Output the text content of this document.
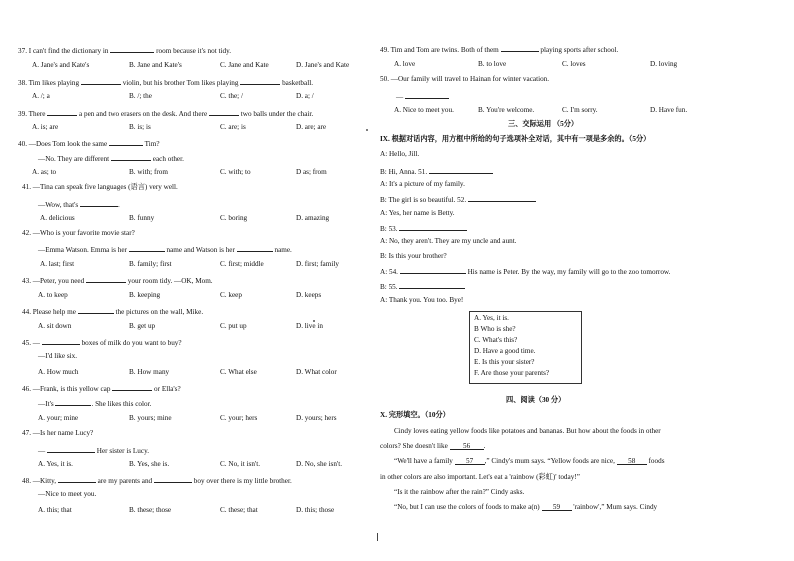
37. I can't find the dictionary in	room because it's not tidy.
A. Jane's and Kate's	B. Jane and Kate's	C. Jane and Kate	D. Jane's and Kate
38. Tim likes playing	violin, but his brother Tom likes playing	basketball.
A. /; a	B. /; the	C. the; /	D. a; /
39. There	a pen and two erasers on the desk. And there	two balls under the chair.
A. is; are	B. is; is	C. are; is	D. are; are
40. —Does Tom look the same	Tim?
—No. They are different	each other.
A. as; to	B. with; from	C. with; to	D as; from
41. —Tina can speak five languages (语言) very well.
—Wow, that's	.
A. delicious	B. funny	C. boring	D. amazing
42. —Who is your favorite movie star?
—Emma Watson. Emma is her	name and Watson is her	name.
A. last; first	B. family; first	C. first; middle	D. first; family
43. —Peter, you need	your room tidy. —OK, Mom.
A. to keep	B. keeping	C. keep	D. keeps
44. Please help me	the pictures on the wall, Mike.
A. sit down	B. get up	C. put up	D. live in
45. —	boxes of milk do you want to buy?
—I'd like six.
A. How much	B. How many	C. What else	D. What color
46. —Frank, is this yellow cap	or Ella's?
—It's	. She likes this color.
A. your; mine	B. yours; mine	C. your; hers	D. yours; hers
47. —Is her name Lucy?
—	Her sister is Lucy.
A. Yes, it is.	B. Yes, she is.	C. No, it isn't.	D. No, she isn't.
48. —Kitty,	are my parents and	boy over there is my little brother.
—Nice to meet you.
A. this; that	B. these; those	C. these; that	D. this; those
49. Tim and Tom are twins. Both of them	playing sports after school.
A. love	B. to love	C. loves	D. loving
50. —Our family will travel to Hainan for winter vacation.
—
A. Nice to meet you.	B. You're welcome.	C. I'm sorry.	D. Have fun.
三、交际运用 （5分）
IX. 根据对话内容，用方框中所给的句子选项补全对话，其中有一项是多余的。（5分）
A: Hello, Jill.
B: Hi, Anna. 51.
A: It's a picture of my family.
B: The girl is so beautiful. 52.
A: Yes, her name is Betty.
B: 53.
A: No, they aren't. They are my uncle and aunt.
B: Is this your brother?
A: 54.	His name is Peter. By the way, my family will go to the zoo tomorrow.
B: 55.
A: Thank you. You too. Bye!
四、阅读（30 分）
X. 完形填空。（10分）
Cindy loves eating yellow foods like potatoes and bananas. But how about the foods in other
colors? She doesn't like 56 .
“We'll have a family 57 ,” Cindy's mum says. “Yellow foods are nice, 58 foods
in other colors are also important. Let's eat a 'rainbow (彩虹)' today!”
“Is it the rainbow after the rain?” Cindy asks.
“No, but I can use the colors of foods to make a(n) 59 'rainbow',” Mum says. Cindy
A. Yes, it is.
B Who is she?
C. What's this?
D. Have a good time.
E. Is this your sister?
F. Are those your parents?
